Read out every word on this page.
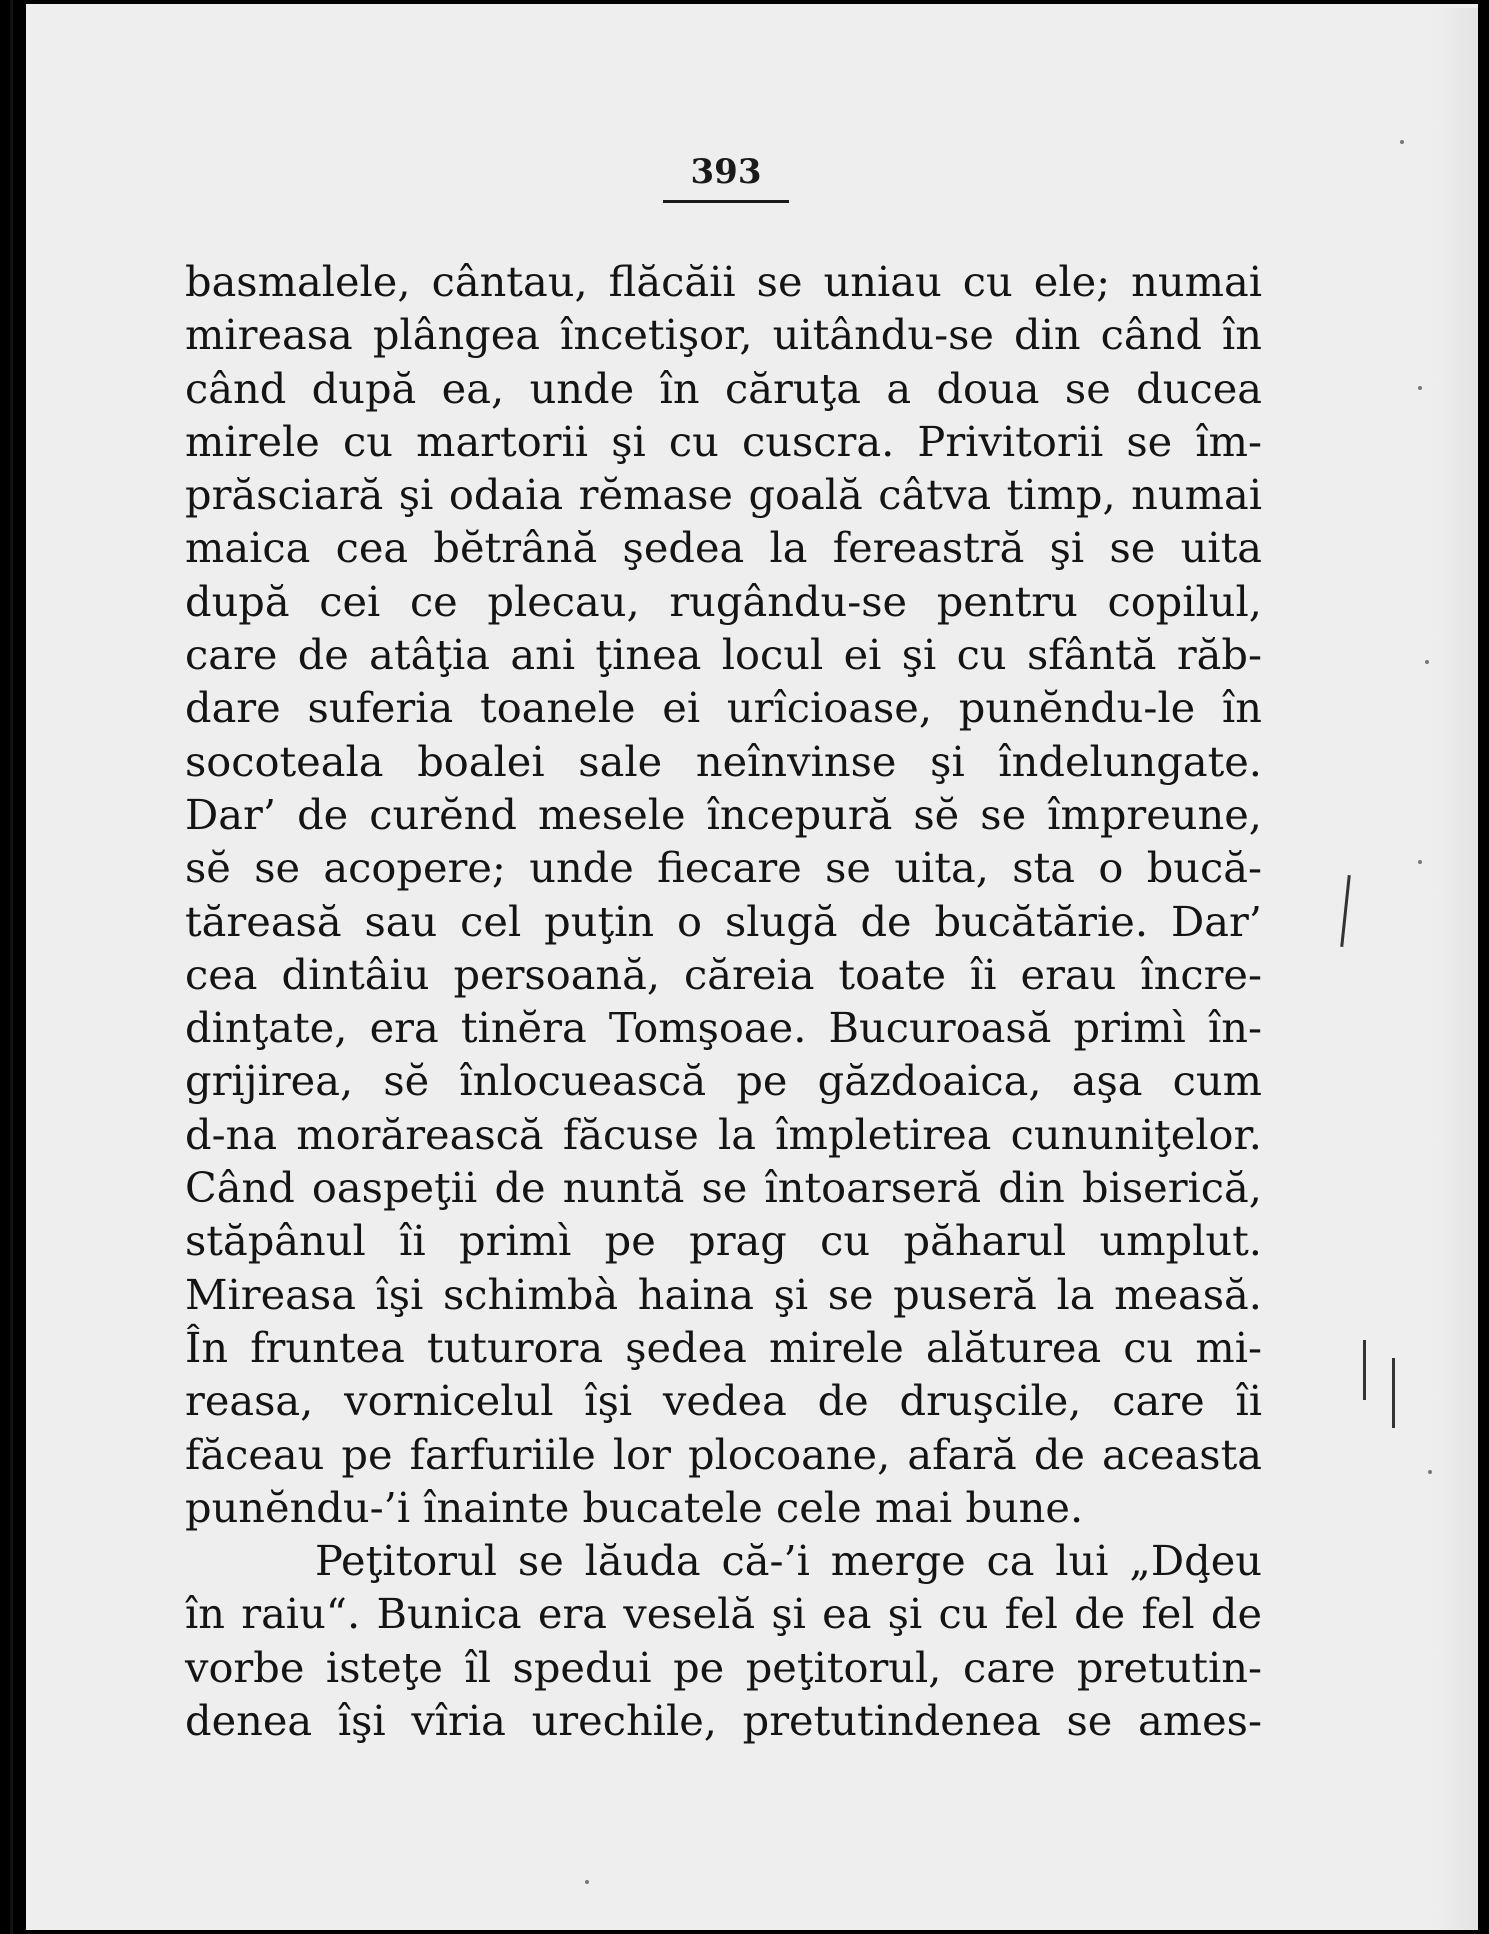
393
basmalele, cântau, flăcăii se uniau cu ele; numai
mireasa plângea încetişor, uitându-se din când în
când după ea, unde în căruţa a doua se ducea
mirele cu martorii şi cu cuscra. Privitorii se îm-
prăsciară şi odaia rĕmase goală câtva timp, numai
maica cea bĕtrână şedea la fereastră şi se uita
după cei ce plecau, rugându-se pentru copilul,
care de atâţia ani ţinea locul ei şi cu sfântă răb-
dare suferia toanele ei urîcioase, punĕndu-le în
socoteala boalei sale neînvinse şi îndelungate.
Dar’ de curĕnd mesele începură sĕ se împreune,
sĕ se acopere; unde fiecare se uita, sta o bucă-
tăreasă sau cel puţin o slugă de bucătărie. Dar’
cea dintâiu persoană, căreia toate îi erau încre-
dinţate, era tinĕra Tomşoae. Bucuroasă primì în-
grijirea, sĕ înlocuească pe găzdoaica, aşa cum
d-na morărească făcuse la împletirea cununiţelor.
Când oaspeţii de nuntă se întoarseră din biserică,
stăpânul îi primì pe prag cu păharul umplut.
Mireasa îşi schimbà haina şi se puseră la measă.
În fruntea tuturora şedea mirele alăturea cu mi-
reasa, vornicelul îşi vedea de druşcile, care îi
făceau pe farfuriile lor plocoane, afară de aceasta
punĕndu-’i înainte bucatele cele mai bune.
Peţitorul se lăuda că-’i merge ca lui „Dḑeu
în raiu“. Bunica era veselă şi ea şi cu fel de fel de
vorbe isteţe îl spedui pe peţitorul, care pretutin-
denea îşi vîria urechile, pretutindenea se ames-
